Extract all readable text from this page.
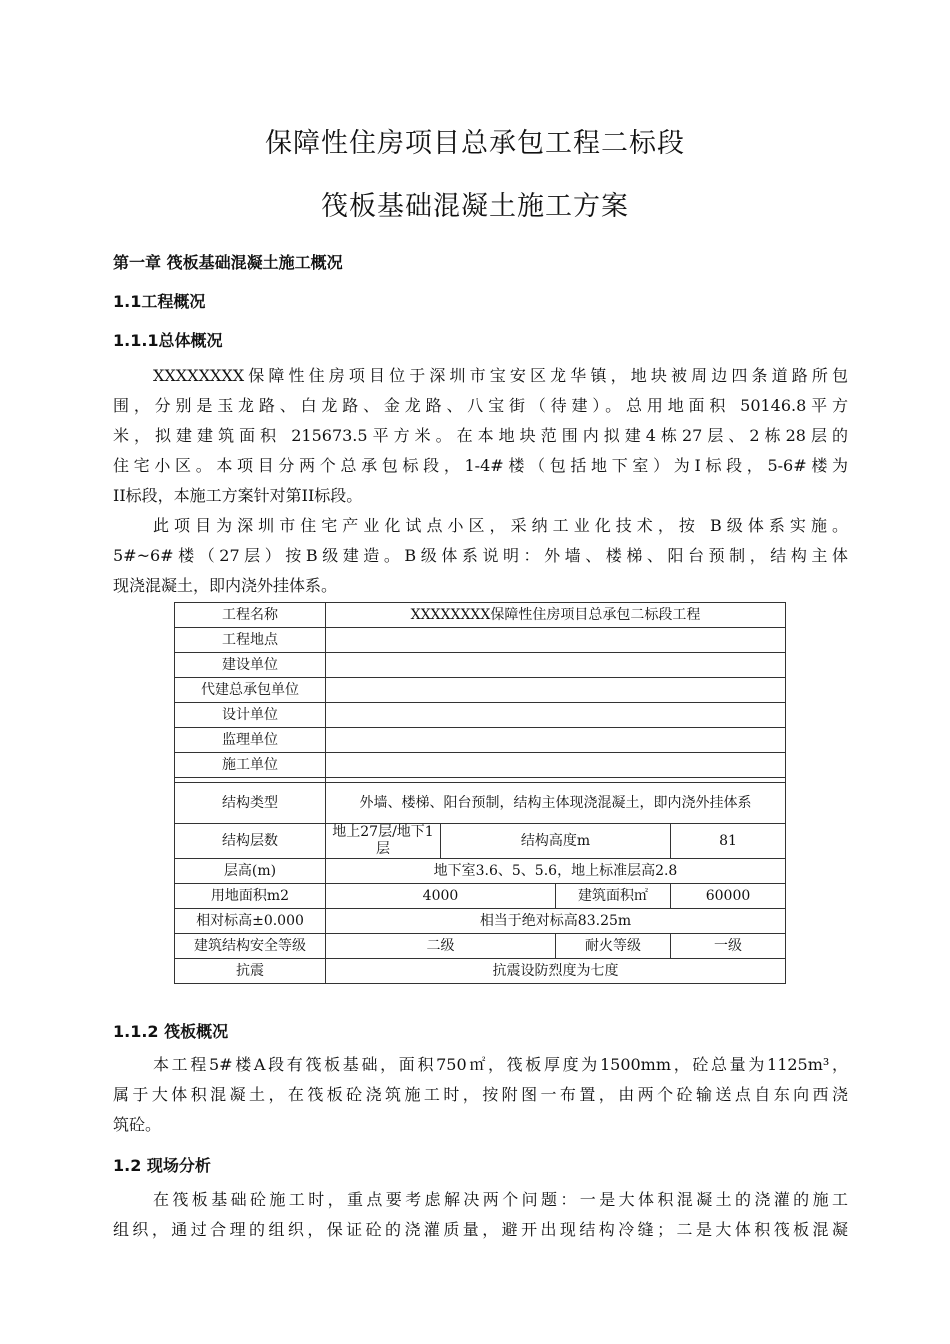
保障性住房项目总承包工程二标段
筏板基础混凝土施工方案
第一章 筏板基础混凝土施工概况
1.1工程概况
1.1.1总体概况
XXXXXXXX保障性住房项目位于深圳市宝安区龙华镇，地块被周边四条道路所包
围，分别是玉龙路、白龙路、金龙路、八宝街（待建）。总用地面积 50146.8平方
米，拟建建筑面积 215673.5平方米。在本地块范围内拟建4栋27层、2栋28层的
住宅小区。本项目分两个总承包标段，1-4#楼（包括地下室）为I标段，5-6#楼为
II标段，本施工方案针对第II标段。
此项目为深圳市住宅产业化试点小区，采纳工业化技术，按 B级体系实施。
5#~6#楼（27层）按B级建造。B级体系说明：外墙、楼梯、阳台预制，结构主体
现浇混凝土，即内浇外挂体系。
工程名称	XXXXXXXX保障性住房项目总承包二标段工程			
工程地点				
建设单位				
代建总承包单位				
设计单位				
监理单位				
施工单位				

结构类型	外墙、楼梯、阳台预制，结构主体现浇混凝土，即内浇外挂体系			
结构层数	地上27层/地下1层	结构高度m		81
层高(m)	地下室3.6、5、5.6，地上标准层高2.8			
用地面积m2	4000		建筑面积㎡	60000
相对标高±0.000	相当于绝对标高83.25m			
建筑结构安全等级	二级		耐火等级	一级
抗震	抗震设防烈度为七度			
1.1.2 筏板概况
本工程5#楼A段有筏板基础，面积750㎡，筏板厚度为1500mm，砼总量为1125m³，
属于大体积混凝土，在筏板砼浇筑施工时，按附图一布置，由两个砼输送点自东向西浇
筑砼。
1.2 现场分析
在筏板基础砼施工时，重点要考虑解决两个问题：一是大体积混凝土的浇灌的施工
组织，通过合理的组织，保证砼的浇灌质量，避开出现结构冷缝；二是大体积筏板混凝
